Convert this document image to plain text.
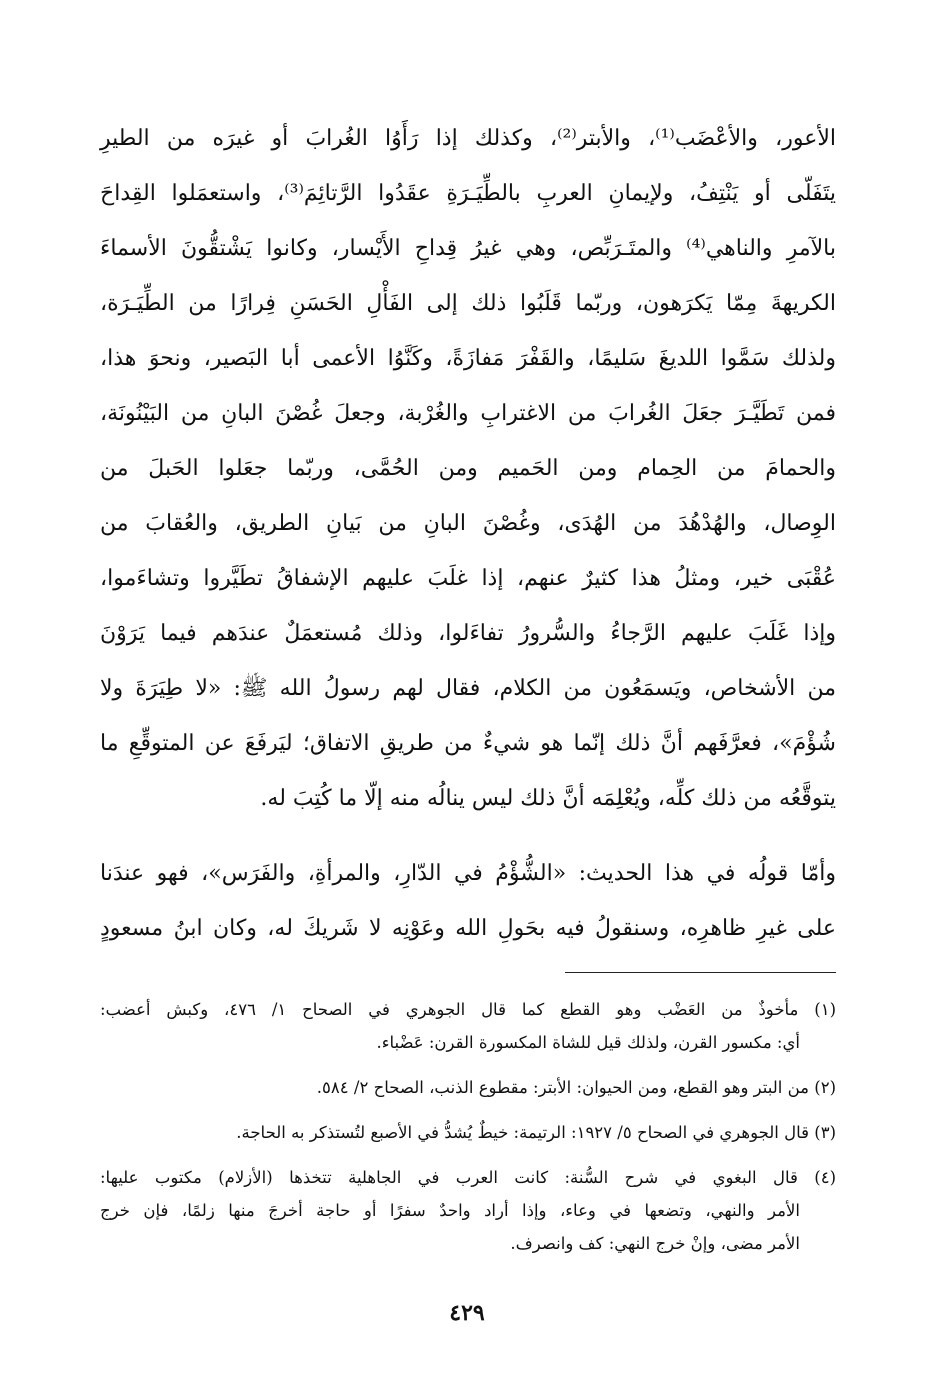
الأعور، والأعْضَب⁽¹⁾، والأبتر⁽²⁾، وكذلك إذا رَأَوُا الغُرابَ أو غيرَه من الطيرِ
يتَفَلّى أو يَنْتِفُ، ولإيمانِ العربِ بالطِّيَـرَةِ عقَدُوا الرَّتائِمَ⁽³⁾، واستعمَلوا القِداحَ
بالآمرِ والناهي⁽⁴⁾ والمتَـرَبِّص، وهي غيرُ قِداحِ الأَيْسار، وكانوا يَشْتقُّونَ الأسماءَ
الكريهةَ مِمّا يَكرَهون، وربّما قَلَبُوا ذلك إلى الفَأْلِ الحَسَنِ فِرارًا من الطِّيَـرَة،
ولذلك سَمَّوا اللديغَ سَليمًا، والقَفْرَ مَفازَةً، وكَنَّوُا الأعمى أبا البَصير، ونحوَ هذا،
فمن تَطَيَّـرَ جعَلَ الغُرابَ من الاغترابِ والغُرْبة، وجعلَ غُصْنَ البانِ من البَيْنُونَة،
والحمامَ من الحِمام ومن الحَميم ومن الحُمَّى، وربّما جعَلوا الحَبلَ من
الوِصال، والهُدْهُدَ من الهُدَى، وغُصْنَ البانِ من بَيانِ الطريق، والعُقابَ من
عُقْبَى خير، ومثلُ هذا كثيرٌ عنهم، إذا غلَبَ عليهم الإشفاقُ تطَيَّروا وتشاءَموا،
وإذا غَلَبَ عليهم الرَّجاءُ والسُّرورُ تفاءَلوا، وذلك مُستعمَلٌ عندَهم فيما يَرَوْنَ
من الأشخاص، ويَسمَعُون من الكلام، فقال لهم رسولُ الله ﷺ: «لا طِيَرَةَ ولا
شُؤْمَ»، فعرَّفَهم أنَّ ذلك إنّما هو شيءٌ من طريقِ الاتفاق؛ ليَرفَعَ عن المتوقِّعِ ما
يتوقَّعُه من ذلك كلِّه، ويُعْلِمَه أنَّ ذلك ليس ينالُه منه إلّا ما كُتِبَ له.
وأمّا قولُه في هذا الحديث: «الشُّؤْمُ في الدّارِ، والمرأةِ، والفَرَس»، فهو عندَنا
على غيرِ ظاهرِه، وسنقولُ فيه بحَولِ الله وعَوْنِه لا شَريكَ له، وكان ابنُ مسعودٍ
(١) مأخوذٌ من العَضْب وهو القطع كما قال الجوهري في الصحاح ١/ ٤٧٦، وكبش أعضب:
أي: مكسور القرن، ولذلك قيل للشاة المكسورة القرن: عَضْباء.
(٢) من البتر وهو القطع، ومن الحيوان: الأبتر: مقطوع الذنب، الصحاح ٢/ ٥٨٤.
(٣) قال الجوهري في الصحاح ٥/ ١٩٢٧: الرتيمة: خيطٌ يُشدُّ في الأصبع لتُستذكر به الحاجة.
(٤) قال البغوي في شرح السُّنة: كانت العرب في الجاهلية تتخذها (الأزلام) مكتوب عليها:
الأمر والنهي، وتضعها في وعاء، وإذا أراد واحدٌ سفرًا أو حاجة أخرجَ منها زلمًا، فإن خرج
الأمر مضى، وإنْ خرج النهي: كف وانصرف.
٤٢٩
